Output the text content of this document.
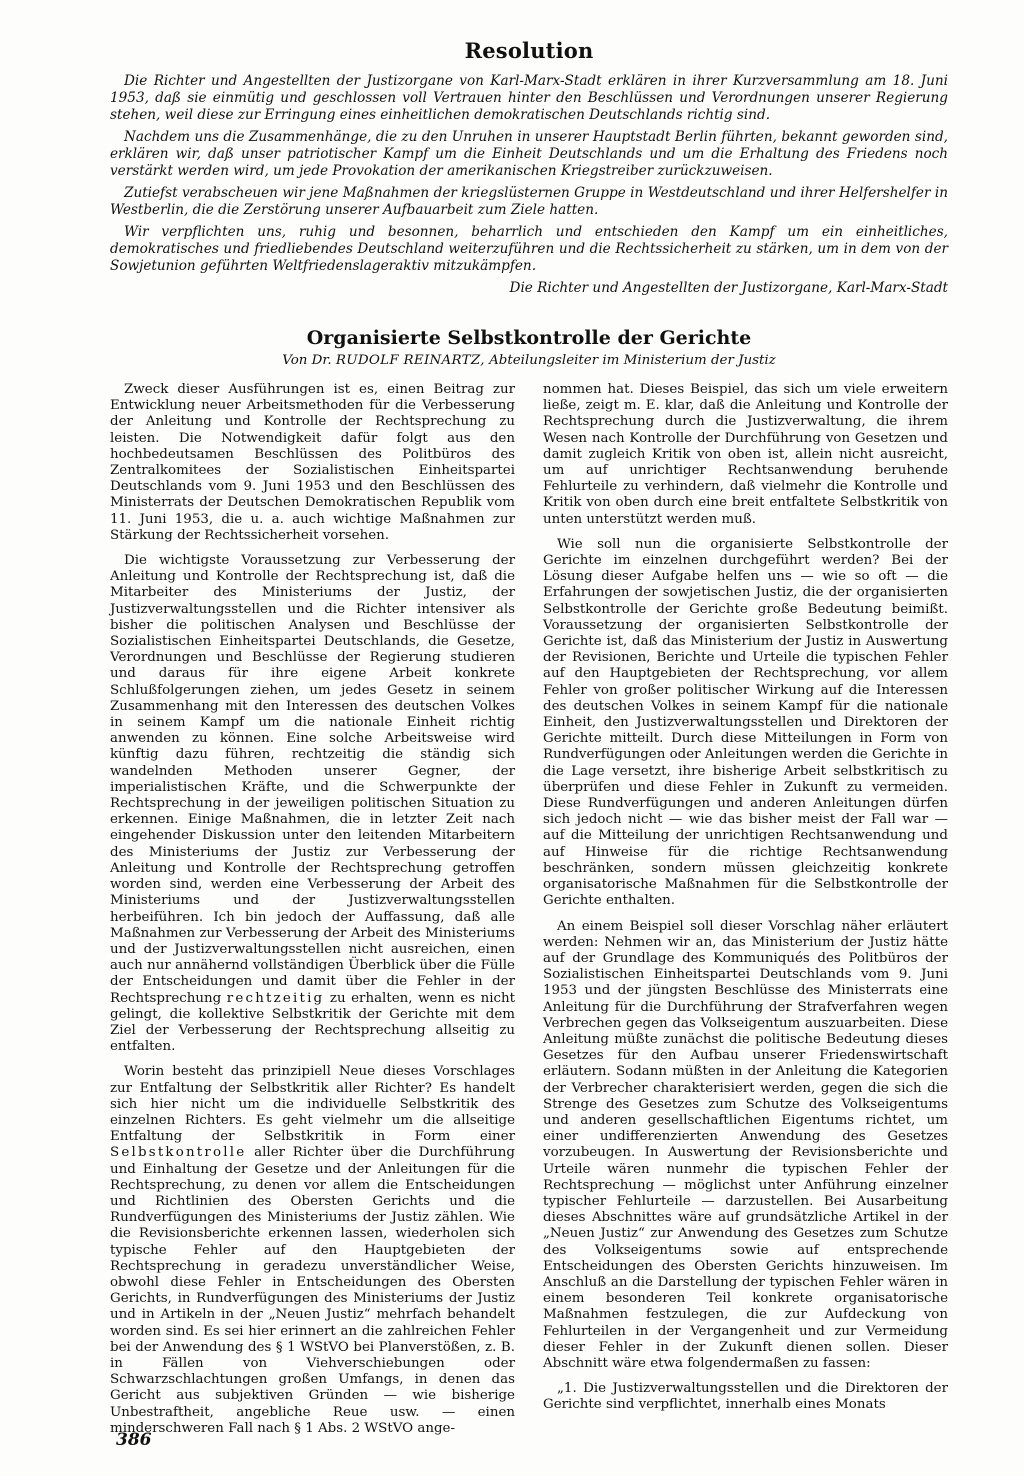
Resolution

Die Richter und Angestellten der Justizorgane von Karl-Marx-Stadt erklären in ihrer Kurzversammlung am 18. Juni 1953, daß sie einmütig und geschlossen voll Vertrauen hinter den Beschlüssen und Verordnungen unserer Regierung stehen, weil diese zur Erringung eines einheitlichen demokratischen Deutschlands richtig sind.

Nachdem uns die Zusammenhänge, die zu den Unruhen in unserer Hauptstadt Berlin führten, bekannt geworden sind, erklären wir, daß unser patriotischer Kampf um die Einheit Deutschlands und um die Erhaltung des Friedens noch verstärkt werden wird, um jede Provokation der amerikanischen Kriegstreiber zurückzuweisen.

Zutiefst verabscheuen wir jene Maßnahmen der kriegslüsternen Gruppe in Westdeutschland und ihrer Helfershelfer in Westberlin, die die Zerstörung unserer Aufbauarbeit zum Ziele hatten.

Wir verpflichten uns, ruhig und besonnen, beharrlich und entschieden den Kampf um ein einheitliches, demokratisches und friedliebendes Deutschland weiterzuführen und die Rechtssicherheit zu stärken, um in dem von der Sowjetunion geführten Weltfriedenslageraktiv mitzukämpfen.

Die Richter und Angestellten der Justizorgane, Karl-Marx-Stadt

Organisierte Selbstkontrolle der Gerichte

Von Dr. RUDOLF REINARTZ, Abteilungsleiter im Ministerium der Justiz

Zweck dieser Ausführungen ist es, einen Beitrag zur Entwicklung neuer Arbeitsmethoden für die Verbesserung der Anleitung und Kontrolle der Rechtsprechung zu leisten. Die Notwendigkeit dafür folgt aus den hochbedeutsamen Beschlüssen des Politbüros des Zentralkomitees der Sozialistischen Einheitspartei Deutschlands vom 9. Juni 1953 und den Beschlüssen des Ministerrats der Deutschen Demokratischen Republik vom 11. Juni 1953, die u. a. auch wichtige Maßnahmen zur Stärkung der Rechtssicherheit vorsehen.

Die wichtigste Voraussetzung zur Verbesserung der Anleitung und Kontrolle der Rechtsprechung ist, daß die Mitarbeiter des Ministeriums der Justiz, der Justizverwaltungsstellen und die Richter intensiver als bisher die politischen Analysen und Beschlüsse der Sozialistischen Einheitspartei Deutschlands, die Gesetze, Verordnungen und Beschlüsse der Regierung studieren und daraus für ihre eigene Arbeit konkrete Schlußfolgerungen ziehen, um jedes Gesetz in seinem Zusammenhang mit den Interessen des deutschen Volkes in seinem Kampf um die nationale Einheit richtig anwenden zu können. Eine solche Arbeitsweise wird künftig dazu führen, rechtzeitig die ständig sich wandelnden Methoden unserer Gegner, der imperialistischen Kräfte, und die Schwerpunkte der Rechtsprechung in der jeweiligen politischen Situation zu erkennen. Einige Maßnahmen, die in letzter Zeit nach eingehender Diskussion unter den leitenden Mitarbeitern des Ministeriums der Justiz zur Verbesserung der Anleitung und Kontrolle der Rechtsprechung getroffen worden sind, werden eine Verbesserung der Arbeit des Ministeriums und der Justizverwaltungsstellen herbeiführen. Ich bin jedoch der Auffassung, daß alle Maßnahmen zur Verbesserung der Arbeit des Ministeriums und der Justizverwaltungsstellen nicht ausreichen, einen auch nur annähernd vollständigen Überblick über die Fülle der Entscheidungen und damit über die Fehler in der Rechtsprechung rechtzeitig zu erhalten, wenn es nicht gelingt, die kollektive Selbstkritik der Gerichte mit dem Ziel der Verbesserung der Rechtsprechung allseitig zu entfalten.

Worin besteht das prinzipiell Neue dieses Vorschlages zur Entfaltung der Selbstkritik aller Richter? Es handelt sich hier nicht um die individuelle Selbstkritik des einzelnen Richters. Es geht vielmehr um die allseitige Entfaltung der Selbstkritik in Form einer Selbstkontrolle aller Richter über die Durchführung und Einhaltung der Gesetze und der Anleitungen für die Rechtsprechung, zu denen vor allem die Entscheidungen und Richtlinien des Obersten Gerichts und die Rundverfügungen des Ministeriums der Justiz zählen. Wie die Revisionsberichte erkennen lassen, wiederholen sich typische Fehler auf den Hauptgebieten der Rechtsprechung in geradezu unverständlicher Weise, obwohl diese Fehler in Entscheidungen des Obersten Gerichts, in Rundverfügungen des Ministeriums der Justiz und in Artikeln in der „Neuen Justiz“ mehrfach behandelt worden sind. Es sei hier erinnert an die zahlreichen Fehler bei der Anwendung des § 1 WStVO bei Planverstößen, z. B. in Fällen von Viehverschiebungen oder Schwarzschlachtungen großen Umfangs, in denen das Gericht aus subjektiven Gründen — wie bisherige Unbestraftheit, angebliche Reue usw. — einen minderschweren Fall nach § 1 Abs. 2 WStVO ange-

nommen hat. Dieses Beispiel, das sich um viele erweitern ließe, zeigt m. E. klar, daß die Anleitung und Kontrolle der Rechtsprechung durch die Justizverwaltung, die ihrem Wesen nach Kontrolle der Durchführung von Gesetzen und damit zugleich Kritik von oben ist, allein nicht ausreicht, um auf unrichtiger Rechtsanwendung beruhende Fehlurteile zu verhindern, daß vielmehr die Kontrolle und Kritik von oben durch eine breit entfaltete Selbstkritik von unten unterstützt werden muß.

Wie soll nun die organisierte Selbstkontrolle der Gerichte im einzelnen durchgeführt werden? Bei der Lösung dieser Aufgabe helfen uns — wie so oft — die Erfahrungen der sowjetischen Justiz, die der organisierten Selbstkontrolle der Gerichte große Bedeutung beimißt. Voraussetzung der organisierten Selbstkontrolle der Gerichte ist, daß das Ministerium der Justiz in Auswertung der Revisionen, Berichte und Urteile die typischen Fehler auf den Hauptgebieten der Rechtsprechung, vor allem Fehler von großer politischer Wirkung auf die Interessen des deutschen Volkes in seinem Kampf für die nationale Einheit, den Justizverwaltungsstellen und Direktoren der Gerichte mitteilt. Durch diese Mitteilungen in Form von Rundverfügungen oder Anleitungen werden die Gerichte in die Lage versetzt, ihre bisherige Arbeit selbstkritisch zu überprüfen und diese Fehler in Zukunft zu vermeiden. Diese Rundverfügungen und anderen Anleitungen dürfen sich jedoch nicht — wie das bisher meist der Fall war — auf die Mitteilung der unrichtigen Rechtsanwendung und auf Hinweise für die richtige Rechtsanwendung beschränken, sondern müssen gleichzeitig konkrete organisatorische Maßnahmen für die Selbstkontrolle der Gerichte enthalten.

An einem Beispiel soll dieser Vorschlag näher erläutert werden: Nehmen wir an, das Ministerium der Justiz hätte auf der Grundlage des Kommuniqués des Politbüros der Sozialistischen Einheitspartei Deutschlands vom 9. Juni 1953 und der jüngsten Beschlüsse des Ministerrats eine Anleitung für die Durchführung der Strafverfahren wegen Verbrechen gegen das Volkseigentum auszuarbeiten. Diese Anleitung müßte zunächst die politische Bedeutung dieses Gesetzes für den Aufbau unserer Friedenswirtschaft erläutern. Sodann müßten in der Anleitung die Kategorien der Verbrecher charakterisiert werden, gegen die sich die Strenge des Gesetzes zum Schutze des Volkseigentums und anderen gesellschaftlichen Eigentums richtet, um einer undifferenzierten Anwendung des Gesetzes vorzubeugen. In Auswertung der Revisionsberichte und Urteile wären nunmehr die typischen Fehler der Rechtsprechung — möglichst unter Anführung einzelner typischer Fehlurteile — darzustellen. Bei Ausarbeitung dieses Abschnittes wäre auf grundsätzliche Artikel in der „Neuen Justiz“ zur Anwendung des Gesetzes zum Schutze des Volkseigentums sowie auf entsprechende Entscheidungen des Obersten Gerichts hinzuweisen. Im Anschluß an die Darstellung der typischen Fehler wären in einem besonderen Teil konkrete organisatorische Maßnahmen festzulegen, die zur Aufdeckung von Fehlurteilen in der Vergangenheit und zur Vermeidung dieser Fehler in der Zukunft dienen sollen. Dieser Abschnitt wäre etwa folgendermaßen zu fassen:

„1. Die Justizverwaltungsstellen und die Direktoren der Gerichte sind verpflichtet, innerhalb eines Monats

386
